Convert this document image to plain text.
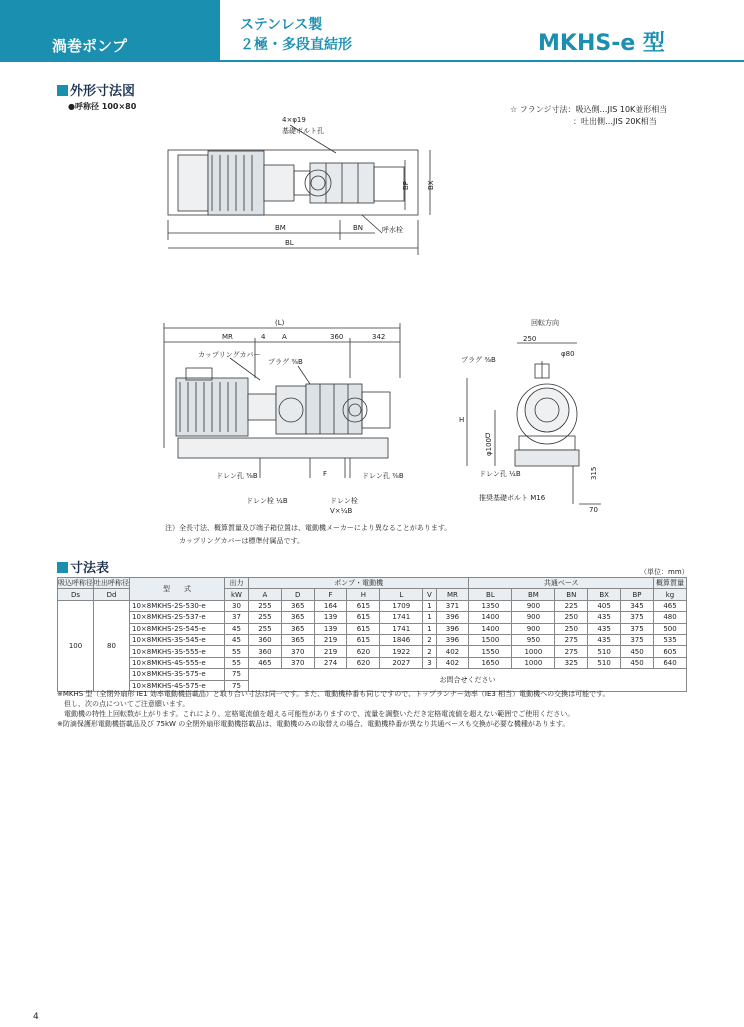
渦巻ポンプ
ステンレス製
２極・多段直結形	MKHS-e 型
外形寸法図
●呼称径 100×80	☆ フランジ寸法：吸込側…JIS 10K並形相当
：吐出側…JIS 20K相当
4×φ19
基礎ボルト孔
BP BX
BM	BN
BL
呼水栓
(L)
MR	4 A	360	342
カップリングカバー
プラグ ⅜B
ドレン孔 ⅜B	F	ドレン孔 ⅜B
ドレン栓 ¼B	ドレン栓
V×¼B
回転方向
250
φ80
プラグ ⅜B
H
D
φ100
ドレン孔 ¼B	315
推奨基礎ボルト M16
70
注）全長寸法、概算質量及び端子箱位置は、電動機メーカーにより異なることがあります。
カップリングカバーは標準付属品です。
寸法表	（単位：mm）
吸込呼称径	吐出呼称径	型　　式	出力	ポンプ・電動機							共通ベース					概算質量
Ds	Dd		kW	A	D	F	H	L	V	MR	BL	BM	BN	BX	BP	kg
100	80	10×8MKHS-2S-530-e	30	255	365	164	615	1709	1	371	1350	900	225	405	345	465
		10×8MKHS-2S-537-e	37	255	365	139	615	1741	1	396	1400	900	250	435	375	480
		10×8MKHS-2S-545-e	45	255	365	139	615	1741	1	396	1400	900	250	435	375	500
		10×8MKHS-3S-545-e	45	360	365	219	615	1846	2	396	1500	950	275	435	375	535
		10×8MKHS-3S-555-e	55	360	370	219	620	1922	2	402	1550	1000	275	510	450	605
		10×8MKHS-4S-555-e	55	465	370	274	620	2027	3	402	1650	1000	325	510	450	640
		10×8MKHS-3S-575-e	75	お問合せください												
		10×8MKHS-4S-575-e	75													
※MKHS 型（全閉外扇形 IE1 効率電動機搭載品）と取り合い寸法は同一です。また、電動機枠番も同じですので、トップランナー効率（IE3 相当）電動機への交換は可能です。
　但し、次の点についてご注意願います。
　電動機の特性上回転数が上がります。これにより、定格電流値を超える可能性がありますので、流量を調整いただき定格電流値を超えない範囲でご使用ください。
※防滴保護形電動機搭載品及び 75kW の全閉外扇形電動機搭載品は、電動機のみの取替えの場合、電動機枠番が異なり共通ベースも交換が必要な機種があります。
4
